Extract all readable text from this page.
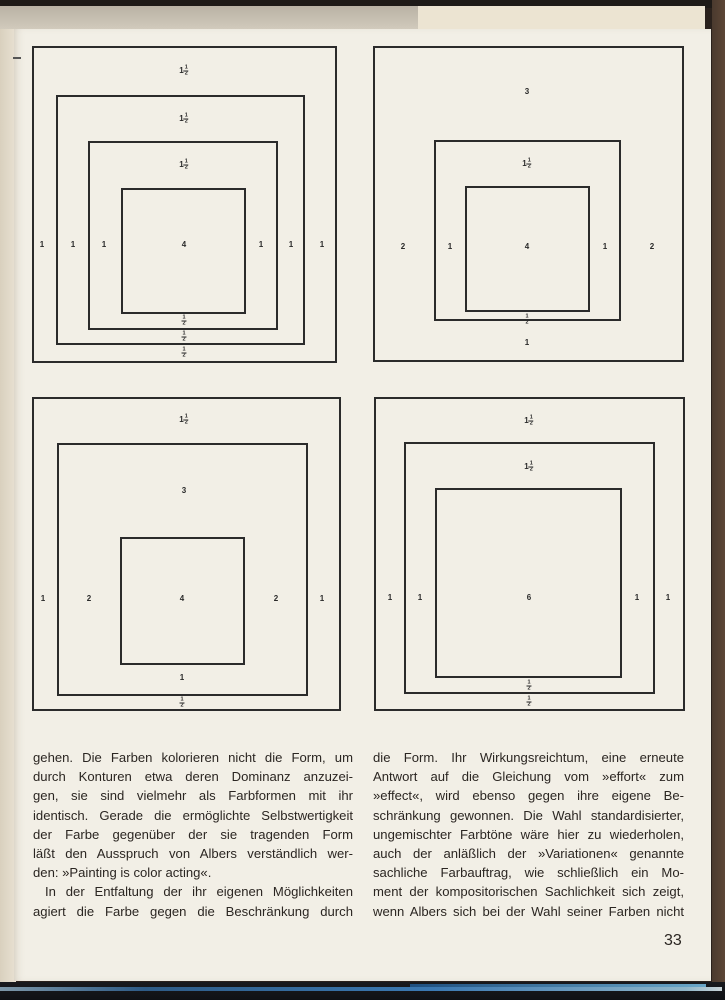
$1 \frac{1}{2}$
$1 \frac{1}{2}$
$1 \frac{1}{2}$
1	1	1	4	1	1	1
$\frac{1}{2}$
$\frac{1}{2}$
$\frac{1}{2}$
3
$1 \frac{1}{2}$
2	1	4	1	2
$\frac{1}{2}$
1
$1 \frac{1}{2}$
3
1	2	4	2	1
1
$\frac{1}{2}$
$1 \frac{1}{2}$
$1 \frac{1}{2}$
1	1	6	1	1
$\frac{1}{2}$
$\frac{1}{2}$
gehen. Die Farben kolorieren nicht die Form, um
durch Konturen etwa deren Dominanz anzuzei-
gen, sie sind vielmehr als Farbformen mit ihr
identisch. Gerade die ermöglichte Selbstwertigkeit
der Farbe gegenüber der sie tragenden Form
läßt den Ausspruch von Albers verständlich wer-
den: »Painting is color acting«.
In der Entfaltung der ihr eigenen Möglichkeiten
agiert die Farbe gegen die Beschränkung durch
die Form. Ihr Wirkungsreichtum, eine erneute
Antwort auf die Gleichung vom »effort« zum
»effect«, wird ebenso gegen ihre eigene Be-
schränkung gewonnen. Die Wahl standardisierter,
ungemischter Farbtöne wäre hier zu wiederholen,
auch der anläßlich der »Variationen« genannte
sachliche Farbauftrag, wie schließlich ein Mo-
ment der kompositorischen Sachlichkeit sich zeigt,
wenn Albers sich bei der Wahl seiner Farben nicht
33
